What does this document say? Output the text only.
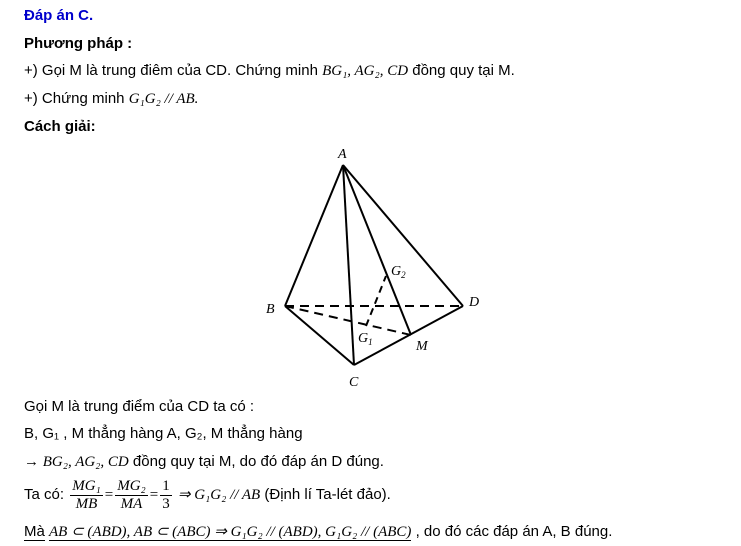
Đáp án C.
Phương pháp :
+) Gọi M là trung điêm của CD. Chứng minh BG₁, AG₂, CD đồng quy tại M.
+) Chứng minh G₁G₂ // AB.
Cách giải:
A
B
C
D
M
$G_1$
$G_2$
Gọi M là trung điểm của CD ta có :
B, G₁ , M thẳng hàng A, G₂, M thẳng hàng
→ BG₂, AG₂, CD đồng quy tại M, do đó đáp án D đúng.
Ta có: $\frac{\text{MG₁}}{MB} = \frac{\text{MG₂}}{MA} = \frac{1}{3}$ ⇒ G₁G₂ // AB (Định lí Ta-lét đảo).
Mà AB ⊂ (ABD), AB ⊂ (ABC) ⇒ G₁G₂ // (ABD), G₁G₂ // (ABC) , do đó các đáp án A, B đúng.
